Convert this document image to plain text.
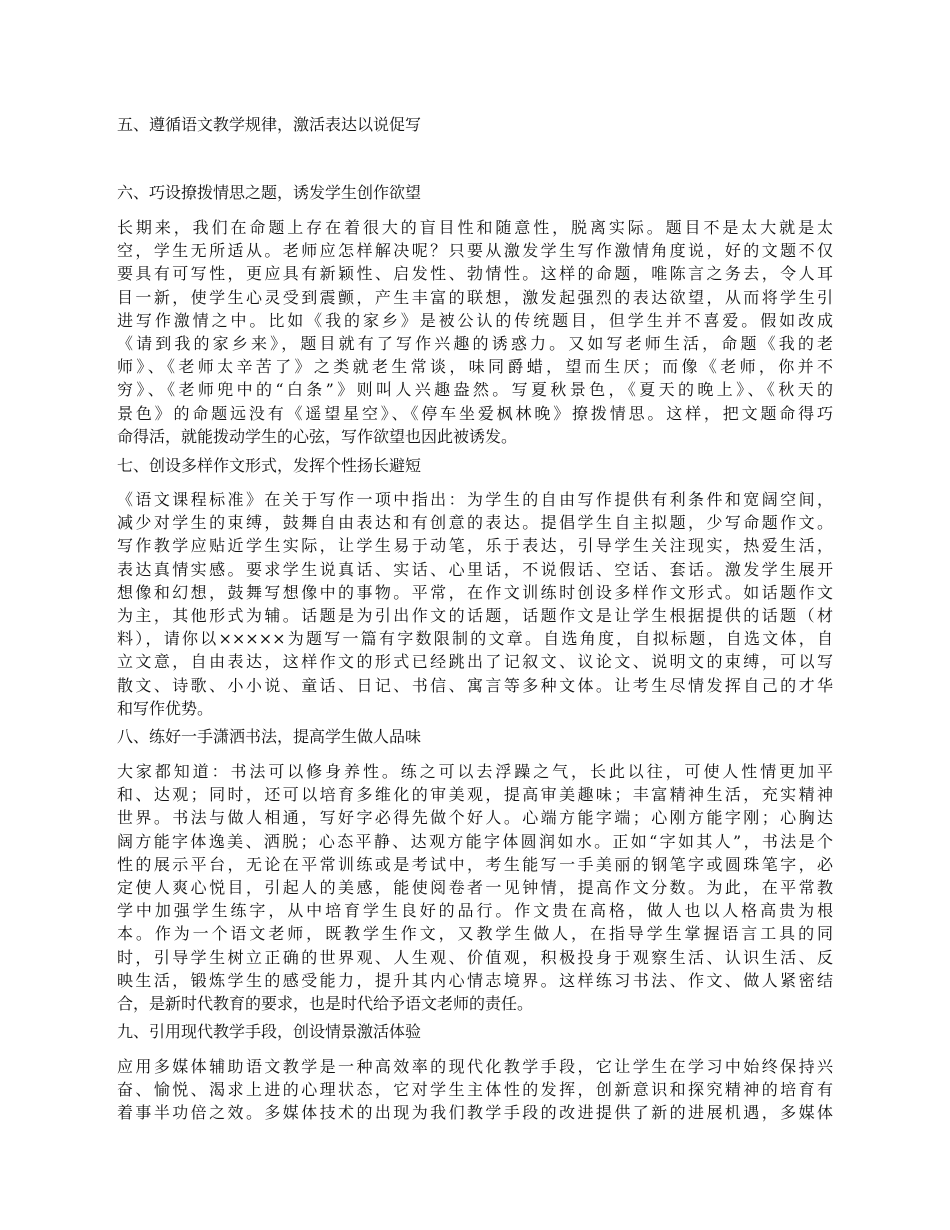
五、遵循语文教学规律，激活表达以说促写
六、巧设撩拨情思之题，诱发学生创作欲望
长期来，我们在命题上存在着很大的盲目性和随意性，脱离实际。题目不是太大就是太
空，学生无所适从。老师应怎样解决呢？只要从激发学生写作激情角度说，好的文题不仅
要具有可写性，更应具有新颖性、启发性、勃情性。这样的命题，唯陈言之务去，令人耳
目一新，使学生心灵受到震颤，产生丰富的联想，激发起强烈的表达欲望，从而将学生引
进写作激情之中。比如《我的家乡》是被公认的传统题目，但学生并不喜爱。假如改成
《请到我的家乡来》，题目就有了写作兴趣的诱惑力。又如写老师生活，命题《我的老
师》、《老师太辛苦了》之类就老生常谈，味同爵蜡，望而生厌；而像《老师，你并不
穷》、《老师兜中的“白条”》则叫人兴趣盎然。写夏秋景色，《夏天的晚上》、《秋天的
景色》的命题远没有《遥望星空》、《停车坐爱枫林晚》撩拨情思。这样，把文题命得巧
命得活，就能拨动学生的心弦，写作欲望也因此被诱发。
七、创设多样作文形式，发挥个性扬长避短
《语文课程标准》在关于写作一项中指出：为学生的自由写作提供有利条件和宽阔空间，
减少对学生的束缚，鼓舞自由表达和有创意的表达。提倡学生自主拟题，少写命题作文。
写作教学应贴近学生实际，让学生易于动笔，乐于表达，引导学生关注现实，热爱生活，
表达真情实感。要求学生说真话、实话、心里话，不说假话、空话、套话。激发学生展开
想像和幻想，鼓舞写想像中的事物。平常，在作文训练时创设多样作文形式。如话题作文
为主，其他形式为辅。话题是为引出作文的话题，话题作文是让学生根据提供的话题（材
料），请你以×××××为题写一篇有字数限制的文章。自选角度，自拟标题，自选文体，自
立文意，自由表达，这样作文的形式已经跳出了记叙文、议论文、说明文的束缚，可以写
散文、诗歌、小小说、童话、日记、书信、寓言等多种文体。让考生尽情发挥自己的才华
和写作优势。
八、练好一手潇洒书法，提高学生做人品味
大家都知道：书法可以修身养性。练之可以去浮躁之气，长此以往，可使人性情更加平
和、达观；同时，还可以培育多维化的审美观，提高审美趣味；丰富精神生活，充实精神
世界。书法与做人相通，写好字必得先做个好人。心端方能字端；心刚方能字刚；心胸达
阔方能字体逸美、洒脱；心态平静、达观方能字体圆润如水。正如“字如其人”，书法是个
性的展示平台，无论在平常训练或是考试中，考生能写一手美丽的钢笔字或圆珠笔字，必
定使人爽心悦目，引起人的美感，能使阅卷者一见钟情，提高作文分数。为此，在平常教
学中加强学生练字，从中培育学生良好的品行。作文贵在高格，做人也以人格高贵为根
本。作为一个语文老师，既教学生作文，又教学生做人，在指导学生掌握语言工具的同
时，引导学生树立正确的世界观、人生观、价值观，积极投身于观察生活、认识生活、反
映生活，锻炼学生的感受能力，提升其内心情志境界。这样练习书法、作文、做人紧密结
合，是新时代教育的要求，也是时代给予语文老师的责任。
九、引用现代教学手段，创设情景激活体验
应用多媒体辅助语文教学是一种高效率的现代化教学手段，它让学生在学习中始终保持兴
奋、愉悦、渴求上进的心理状态，它对学生主体性的发挥，创新意识和探究精神的培育有
着事半功倍之效。多媒体技术的出现为我们教学手段的改进提供了新的进展机遇，多媒体
